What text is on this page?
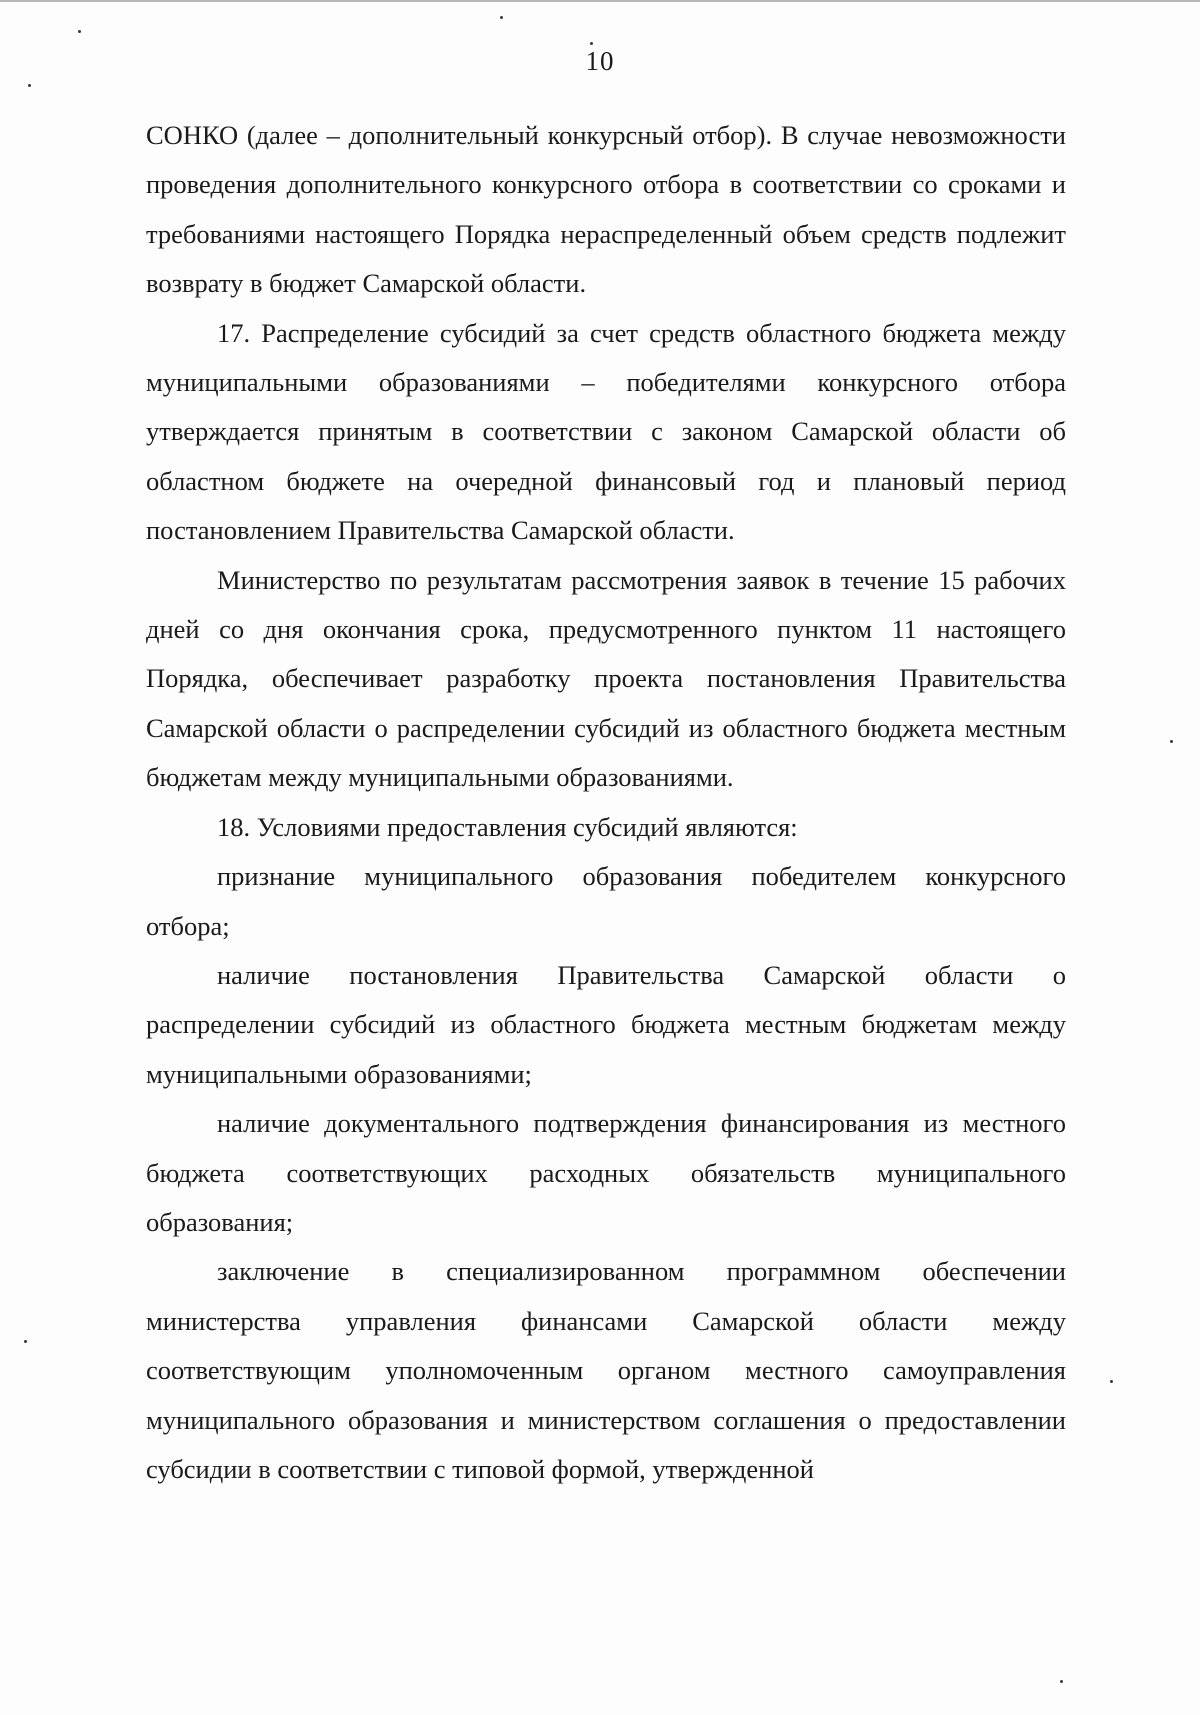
10

СОНКО (далее – дополнительный конкурсный отбор). В случае невозможности проведения дополнительного конкурсного отбора в соответствии со сроками и требованиями настоящего Порядка нераспределенный объем средств подлежит возврату в бюджет Самарской области.

17. Распределение субсидий за счет средств областного бюджета между муниципальными образованиями – победителями конкурсного отбора утверждается принятым в соответствии с законом Самарской области об областном бюджете на очередной финансовый год и плановый период постановлением Правительства Самарской области.

Министерство по результатам рассмотрения заявок в течение 15 рабочих дней со дня окончания срока, предусмотренного пунктом 11 настоящего Порядка, обеспечивает разработку проекта постановления Правительства Самарской области о распределении субсидий из областного бюджета местным бюджетам между муниципальными образованиями.

18. Условиями предоставления субсидий являются:

признание муниципального образования победителем конкурсного отбора;

наличие постановления Правительства Самарской области о распределении субсидий из областного бюджета местным бюджетам между муниципальными образованиями;

наличие документального подтверждения финансирования из местного бюджета соответствующих расходных обязательств муниципального образования;

заключение в специализированном программном обеспечении министерства управления финансами Самарской области между соответствующим уполномоченным органом местного самоуправления муниципального образования и министерством соглашения о предоставлении субсидии в соответствии с типовой формой, утвержденной
